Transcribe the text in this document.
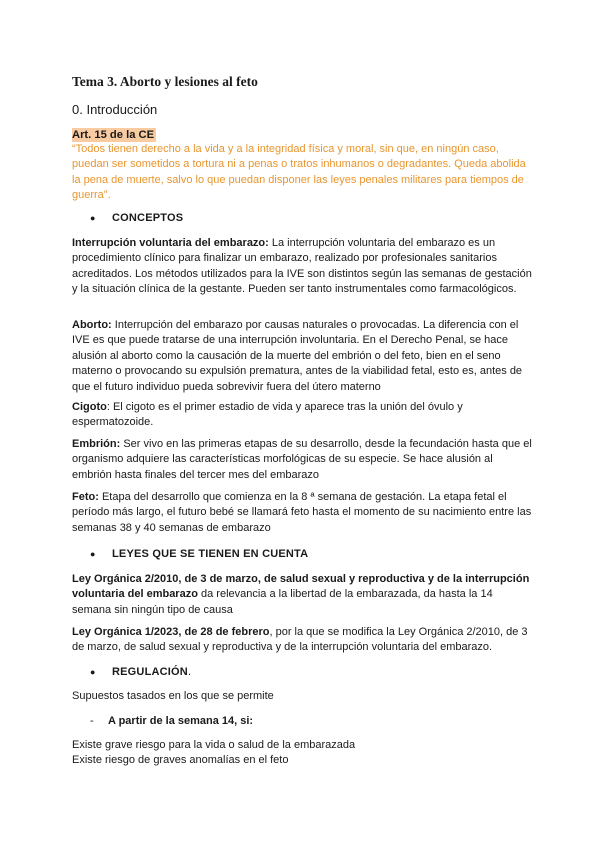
Tema 3. Aborto y lesiones al feto
0. Introducción
Art. 15 de la CE
“Todos tienen derecho a la vida y a la integridad física y moral, sin que, en ningún caso, puedan ser sometidos a tortura ni a penas o tratos inhumanos o degradantes. Queda abolida la pena de muerte, salvo lo que puedan disponer las leyes penales militares para tiempos de guerra”.
● CONCEPTOS
Interrupción voluntaria del embarazo: La interrupción voluntaria del embarazo es un procedimiento clínico para finalizar un embarazo, realizado por profesionales sanitarios acreditados. Los métodos utilizados para la IVE son distintos según las semanas de gestación y la situación clínica de la gestante. Pueden ser tanto instrumentales como farmacológicos.
Aborto: Interrupción del embarazo por causas naturales o provocadas. La diferencia con el IVE es que puede tratarse de una interrupción involuntaria. En el Derecho Penal, se hace alusión al aborto como la causación de la muerte del embrión o del feto, bien en el seno materno o provocando su expulsión prematura, antes de la viabilidad fetal, esto es, antes de que el futuro individuo pueda sobrevivir fuera del útero materno
Cigoto: El cigoto es el primer estadio de vida y aparece tras la unión del óvulo y espermatozoide.
Embrión: Ser vivo en las primeras etapas de su desarrollo, desde la fecundación hasta que el organismo adquiere las características morfológicas de su especie. Se hace alusión al embrión hasta finales del tercer mes del embarazo
Feto: Etapa del desarrollo que comienza en la 8 ª semana de gestación. La etapa fetal el período más largo, el futuro bebé se llamará feto hasta el momento de su nacimiento entre las semanas 38 y 40 semanas de embarazo
● LEYES QUE SE TIENEN EN CUENTA
Ley Orgánica 2/2010, de 3 de marzo, de salud sexual y reproductiva y de la interrupción voluntaria del embarazo da relevancia a la libertad de la embarazada, da hasta la 14 semana sin ningún tipo de causa
Ley Orgánica 1/2023, de 28 de febrero, por la que se modifica la Ley Orgánica 2/2010, de 3 de marzo, de salud sexual y reproductiva y de la interrupción voluntaria del embarazo.
● REGULACIÓN.
Supuestos tasados en los que se permite
- A partir de la semana 14, si:
Existe grave riesgo para la vida o salud de la embarazada
Existe riesgo de graves anomalías en el feto
